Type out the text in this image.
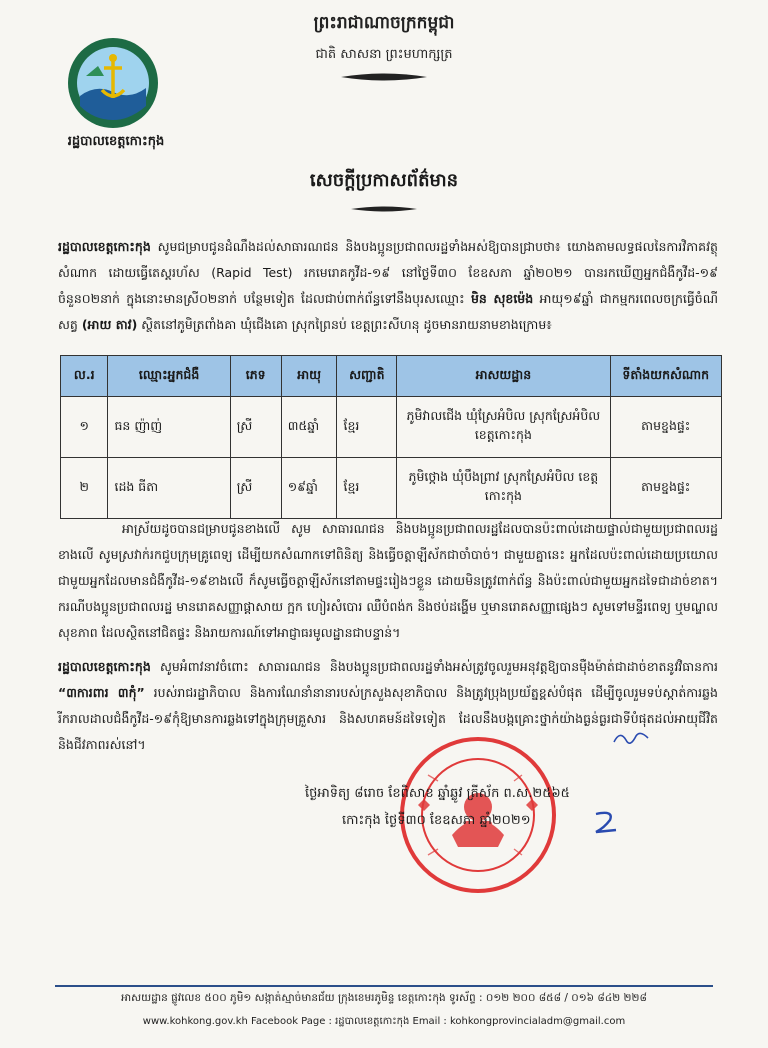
រដ្ឋបាលខេត្តកោះកុង
ព្រះរាជាណាចក្រកម្ពុជា
ជាតិ សាសនា ព្រះមហាក្សត្រ
សេចក្ដីប្រកាសព័ត៌មាន
រដ្ឋបាលខេត្តកោះកុង សូមជម្រាបជូនដំណឹងដល់សាធារណជន និងបងប្អូនប្រជាពលរដ្ឋទាំងអស់ឱ្យបានជ្រាបថា៖ យោងតាមលទ្ធផលនៃការវិភាគវត្ថុសំណាក ដោយធ្វើតេស្តរហ័ស (Rapid Test) រកមេរោគកូវីដ-១៩ នៅថ្ងៃទី៣០ ខែឧសភា ឆ្នាំ២០២១ បានរកឃើញអ្នកជំងឺកូវីដ-១៩ ចំនួន០២នាក់ ក្នុងនោះមានស្រី០២នាក់ បន្ថែមទៀត ដែលជាប់ពាក់ព័ន្ធទៅនឹងបុរសឈ្មោះ មិន សុខម៉េង អាយុ១៩ឆ្នាំ ជាកម្មករពេលចក្រធ្វើចំណីសត្វ (អាយ តាវ) ស្ថិតនៅភូមិត្រពាំងគា ឃុំជើងគោ ស្រុកព្រៃនប់ ខេត្តព្រះសីហនុ ដូចមានរាយនាមខាងក្រោម៖
ល.រ	ឈ្មោះអ្នកជំងឺ	ភេទ	អាយុ	សញ្ជាតិ	អាសយដ្ឋាន	ទីតាំងយកសំណាក
១	ធន ញ៉ាញ់	ស្រី	៣៥ឆ្នាំ	ខ្មែរ	ភូមិវាលជើង ឃុំស្រែអំបិល ស្រុកស្រែអំបិល ខេត្តកោះកុង	តាមខ្នងផ្ទះ
២	ដេង ធីតា	ស្រី	១៩ឆ្នាំ	ខ្មែរ	ភូមិថ្កោង ឃុំបឹងព្រាវ ស្រុកស្រែអំបិល ខេត្តកោះកុង	តាមខ្នងផ្ទះ
អាស្រ័យដូចបានជម្រាបជូនខាងលើ សូម សាធារណជន និងបងប្អូនប្រជាពលរដ្ឋដែលបានប៉ះពាល់ដោយផ្ទាល់ជាមួយប្រជាពលរដ្ឋខាងលើ សូមស្រវាក់រកជួបក្រុមគ្រូពេទ្យ ដើម្បីយកសំណាកទៅពិនិត្យ និងធ្វើចត្តាឡីស័កជាចាំបាច់។ ជាមួយគ្នានេះ អ្នកដែលប៉ះពាល់ដោយប្រយោលជាមួយអ្នកដែលមានជំងឺកូវីដ-១៩ខាងលើ ក៏សូមធ្វើចត្តាឡីស័កនៅតាមផ្ទះរៀងៗខ្លួន ដោយមិនត្រូវពាក់ព័ន្ធ និងប៉ះពាល់ជាមួយអ្នកដទៃជាដាច់ខាត។ ករណីបងប្អូនប្រជាពលរដ្ឋ មានរោគសញ្ញាផ្ដាសាយ ក្អក ហៀរសំបោរ ឈឺបំពង់ក និងថប់ដង្ហើម ឬមានរោគសញ្ញាផ្សេងៗ សូមទៅមន្ទីរពេទ្យ ឬមណ្ឌលសុខភាព ដែលស្ថិតនៅជិតផ្ទះ និងរាយការណ៍ទៅអាជ្ញាធរមូលដ្ឋានជាបន្ទាន់។
រដ្ឋបាលខេត្តកោះកុង សូមអំពាវនាវចំពោះ សាធារណជន និងបងប្អូនប្រជាពលរដ្ឋទាំងអស់ត្រូវចូលរួមអនុវត្តឱ្យបានម៉ឺងម៉ាត់ជាដាច់ខាតនូវវិធានការ “៣ការពារ ៣កុំ” របស់រាជរដ្ឋាភិបាល និងការណែនាំនានារបស់ក្រសួងសុខាភិបាល និងត្រូវប្រុងប្រយ័ត្នខ្ពស់បំផុត ដើម្បីចូលរួមទប់ស្កាត់ការឆ្លងរីករាលដាលជំងឺកូវីដ-១៩កុំឱ្យមានការឆ្លងទៅក្នុងក្រុមគ្រួសារ និងសហគមន៍ដទៃទៀត ដែលនឹងបង្កគ្រោះថ្នាក់យ៉ាងធ្ងន់ធ្ងរជាទីបំផុតដល់អាយុជីវិត និងជីវភាពរស់នៅ។
ថ្ងៃអាទិត្យ ៨រោច ខែពិសាខ ឆ្នាំឆ្លូវ ត្រីស័ក ព.ស.២៥៦៥
កោះកុង ថ្ងៃទី៣០ ខែឧសភា ឆ្នាំ២០២១
អាសយដ្ឋាន ផ្លូវលេខ ៥០០ ភូមិ១ សង្កាត់ស្មាច់មានជ័យ ក្រុងខេមរភូមិន្ទ ខេត្តកោះកុង ទូរស័ព្ទ : ០១២ ២០០ ៨៥៨ / ០១៦ ៨៤២ ២២៨
www.kohkong.gov.kh Facebook Page : រដ្ឋបាលខេត្តកោះកុង Email : kohkongprovincialadm@gmail.com
